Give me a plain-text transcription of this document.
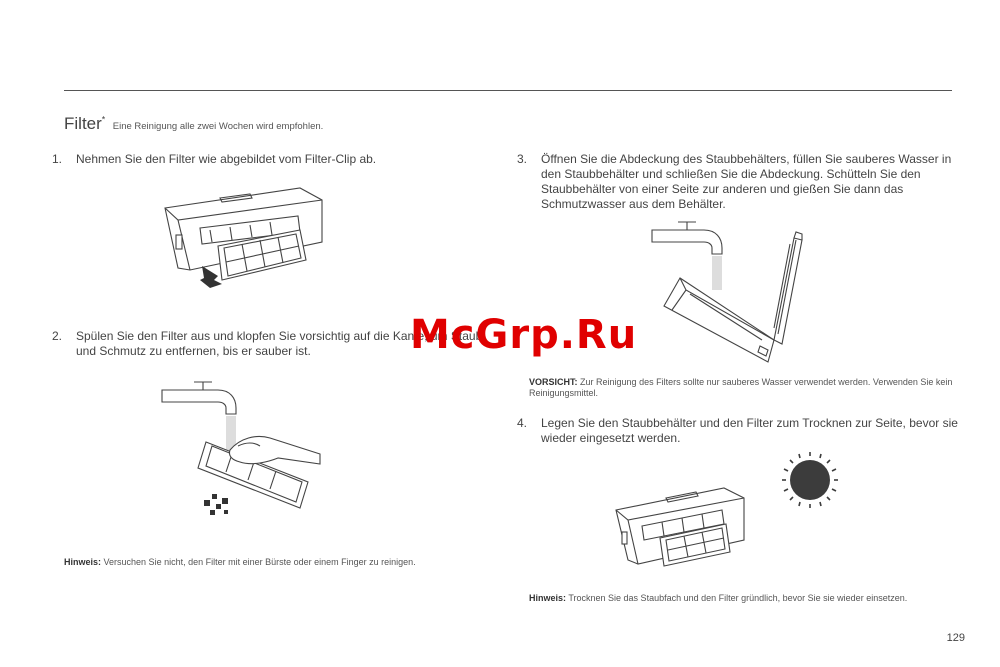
Filter* Eine Reinigung alle zwei Wochen wird empfohlen.
1. Nehmen Sie den Filter wie abgebildet vom Filter-Clip ab.
2. Spülen Sie den Filter aus und klopfen Sie vorsichtig auf die Kante, um Staub und Schmutz zu entfernen, bis er sauber ist.
Hinweis: Versuchen Sie nicht, den Filter mit einer Bürste oder einem Finger zu reinigen.
3. Öffnen Sie die Abdeckung des Staubbehälters, füllen Sie sauberes Wasser in den Staubbehälter und schließen Sie die Abdeckung. Schütteln Sie den Staubbehälter von einer Seite zur anderen und gießen Sie dann das Schmutzwasser aus dem Behälter.
VORSICHT: Zur Reinigung des Filters sollte nur sauberes Wasser verwendet werden. Verwenden Sie kein Reinigungsmittel.
4. Legen Sie den Staubbehälter und den Filter zum Trocknen zur Seite, bevor sie wieder eingesetzt werden.
Hinweis: Trocknen Sie das Staubfach und den Filter gründlich, bevor Sie sie wieder einsetzen.
129
McGrp.Ru
